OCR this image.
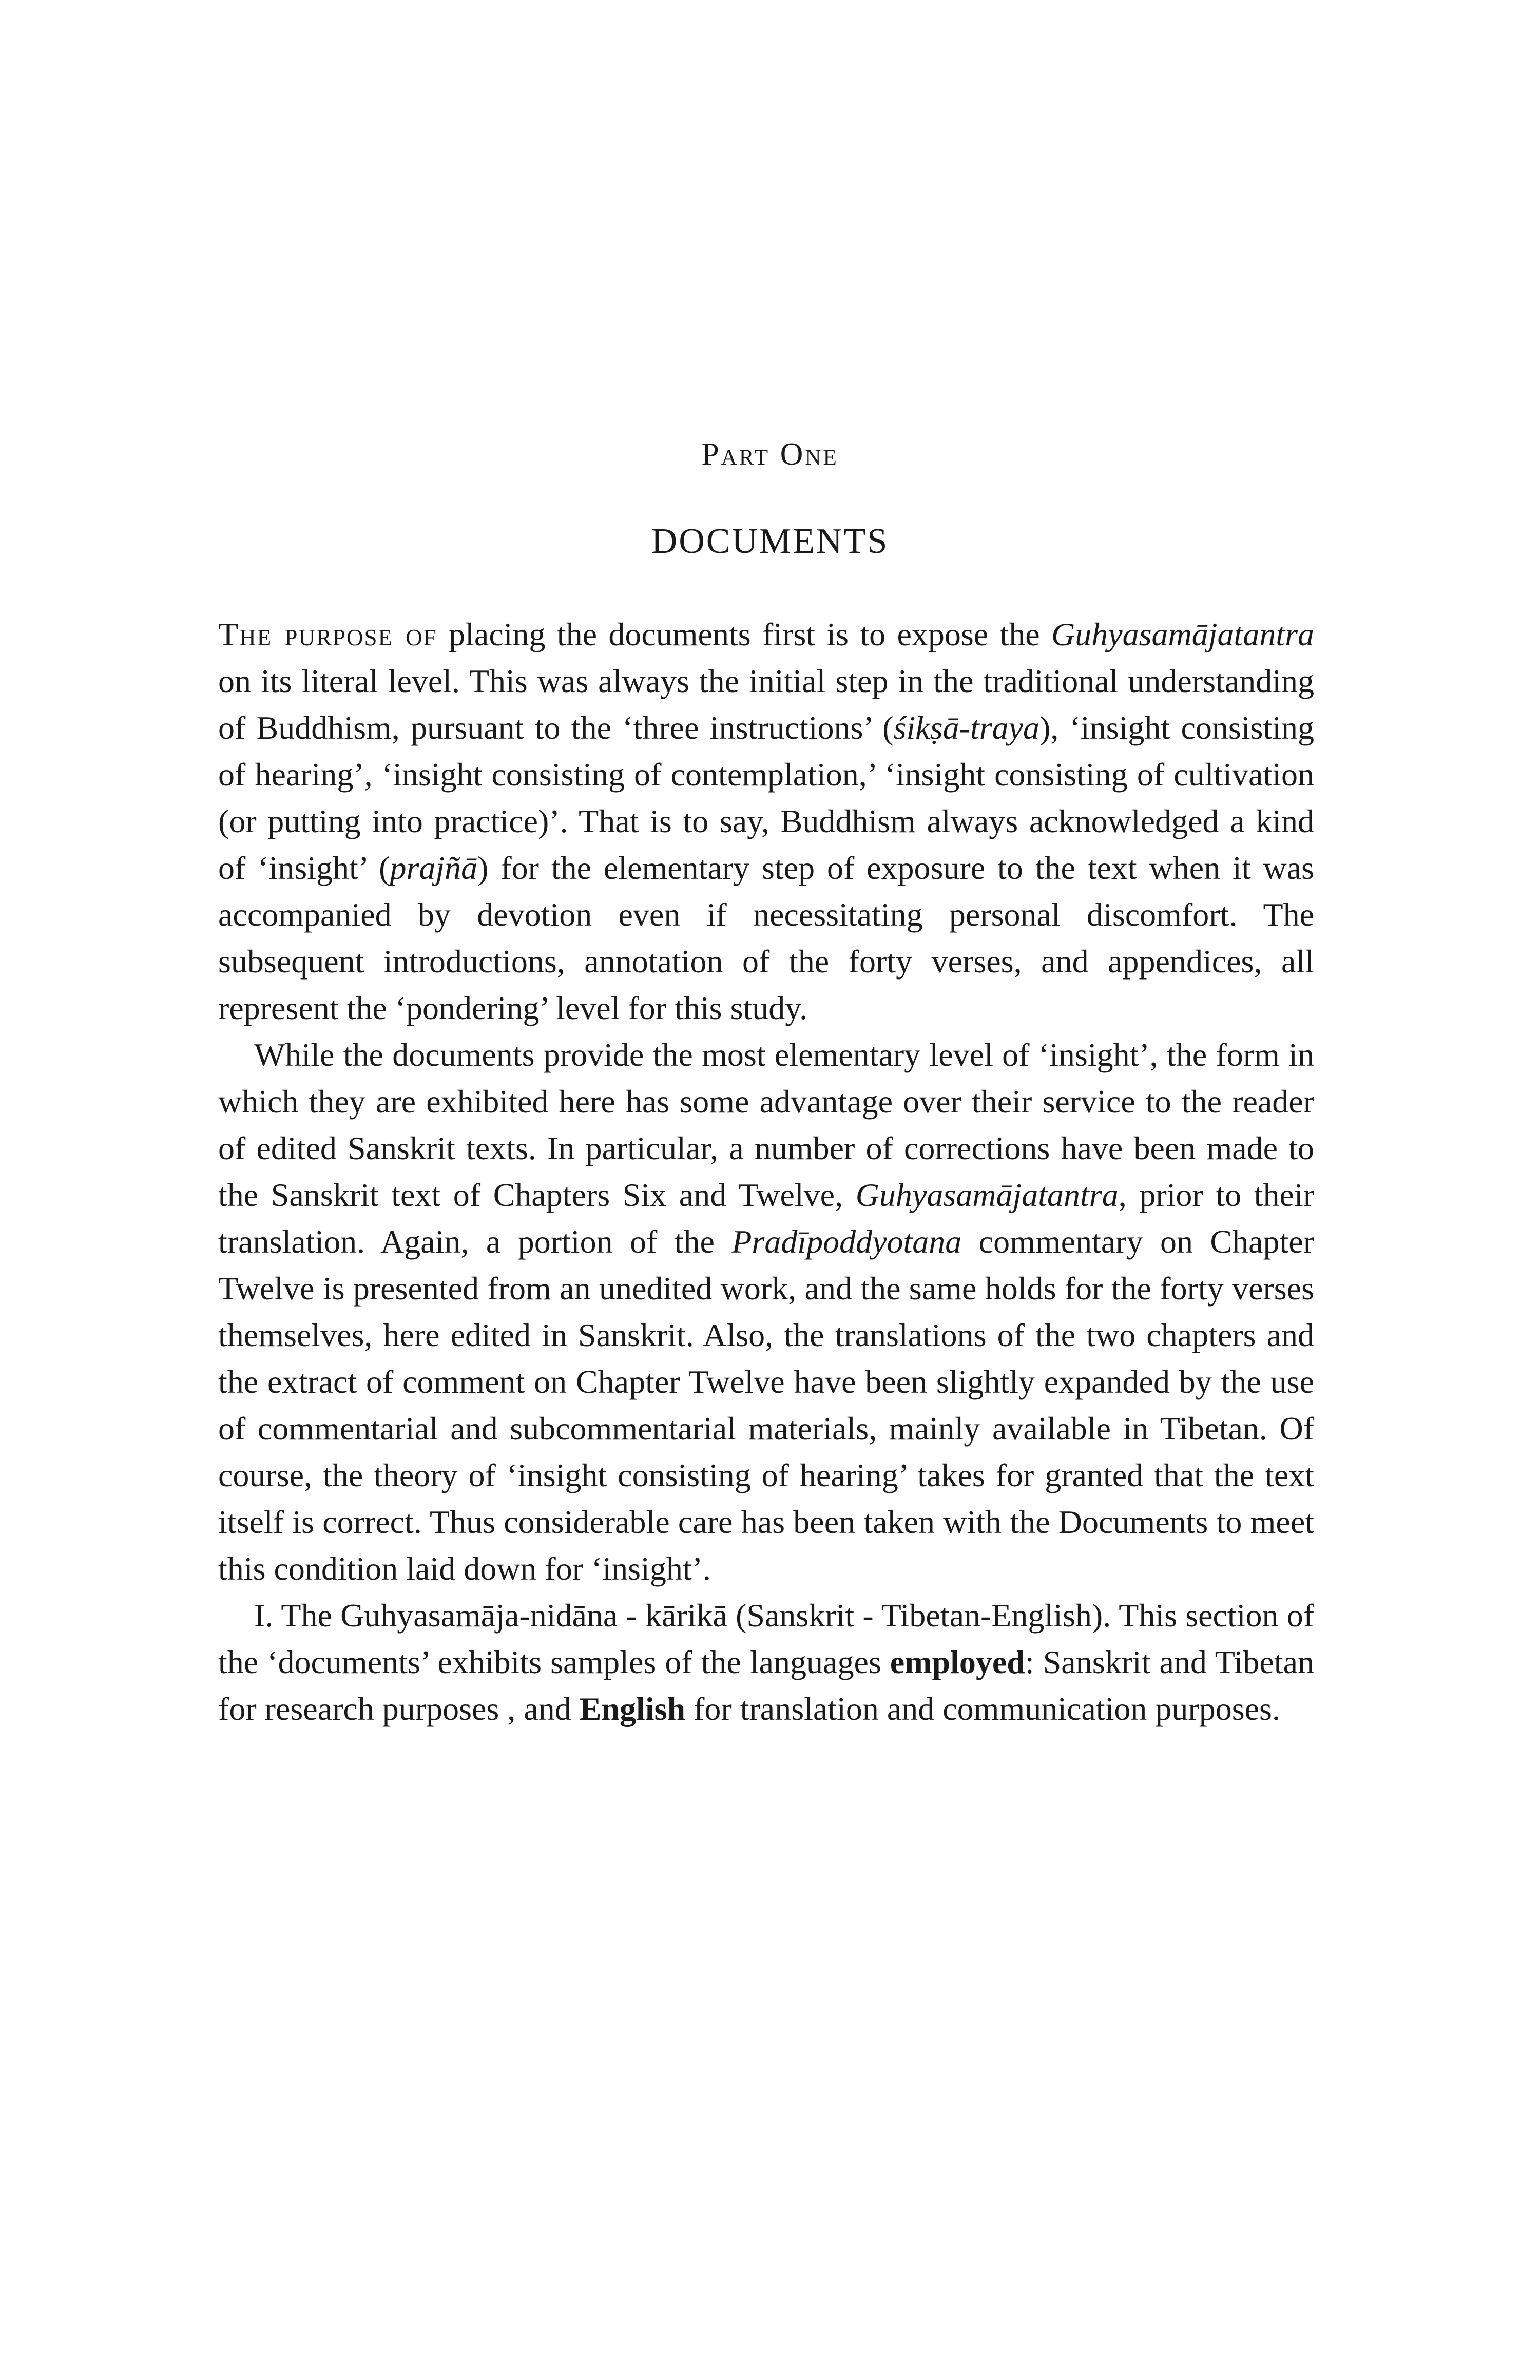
Part One
DOCUMENTS

The purpose of placing the documents first is to expose the Guhyasamājatantra on its literal level. This was always the initial step in the traditional understanding of Buddhism, pursuant to the ‘three instructions’ (śikṣā-traya), ‘insight consisting of hearing’, ‘insight consisting of contemplation,’ ‘insight consisting of cultivation (or putting into practice)’. That is to say, Buddhism always acknowledged a kind of ‘insight’ (prajñā) for the elementary step of exposure to the text when it was accompanied by devotion even if necessitating personal discomfort. The subsequent introductions, annotation of the forty verses, and appendices, all represent the ‘pondering’ level for this study.

While the documents provide the most elementary level of ‘insight’, the form in which they are exhibited here has some advantage over their service to the reader of edited Sanskrit texts. In particular, a number of corrections have been made to the Sanskrit text of Chapters Six and Twelve, Guhyasamājatantra, prior to their translation. Again, a portion of the Pradīpoddyotana commentary on Chapter Twelve is presented from an unedited work, and the same holds for the forty verses themselves, here edited in Sanskrit. Also, the translations of the two chapters and the extract of comment on Chapter Twelve have been slightly expanded by the use of commentarial and subcommentarial materials, mainly available in Tibetan. Of course, the theory of ‘insight consisting of hearing’ takes for granted that the text itself is correct. Thus considerable care has been taken with the Documents to meet this condition laid down for ‘insight’.

I. The Guhyasamāja-nidāna - kārikā (Sanskrit - Tibetan-English). This section of the ‘documents’ exhibits samples of the languages employed: Sanskrit and Tibetan for research purposes , and English for translation and communication purposes.
